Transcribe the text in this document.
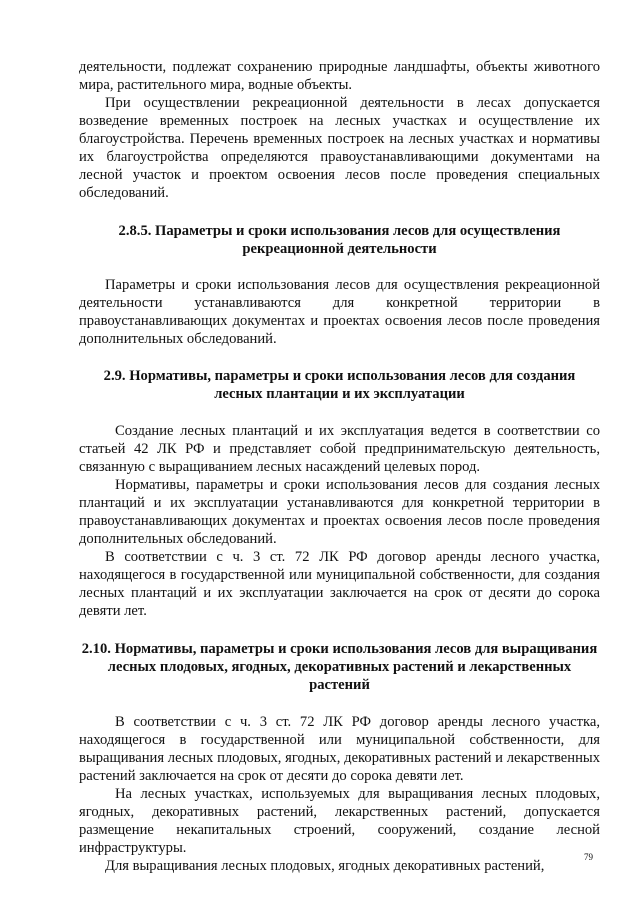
деятельности, подлежат сохранению природные ландшафты, объекты животного мира, растительного мира, водные объекты.

При осуществлении рекреационной деятельности в лесах допускается возведение временных построек на лесных участках и осуществление их благоустройства. Перечень временных построек на лесных участках и нормативы их благоустройства определяются правоустанавливающими документами на лесной участок и проектом освоения лесов после проведения специальных обследований.

2.8.5. Параметры и сроки использования лесов для осуществления рекреационной деятельности

Параметры и сроки использования лесов для осуществления рекреационной деятельности устанавливаются для конкретной территории в правоустанавливающих документах и проектах освоения лесов после проведения дополнительных обследований.

2.9. Нормативы, параметры и сроки использования лесов для создания лесных плантации и их эксплуатации

Создание лесных плантаций и их эксплуатация ведется в соответствии со статьей 42 ЛК РФ и представляет собой предпринимательскую деятельность, связанную с выращиванием лесных насаждений целевых пород.

Нормативы, параметры и сроки использования лесов для создания лесных плантаций и их эксплуатации устанавливаются для конкретной территории в правоустанавливающих документах и проектах освоения лесов после проведения дополнительных обследований.

В соответствии с ч. 3 ст. 72 ЛК РФ договор аренды лесного участка, находящегося в государственной или муниципальной собственности, для создания лесных плантаций и их эксплуатации заключается на срок от десяти до сорока девяти лет.

2.10. Нормативы, параметры и сроки использования лесов для выращивания лесных плодовых, ягодных, декоративных растений и лекарственных растений

В соответствии с ч. 3 ст. 72 ЛК РФ договор аренды лесного участка, находящегося в государственной или муниципальной собственности, для выращивания лесных плодовых, ягодных, декоративных растений и лекарственных растений заключается на срок от десяти до сорока девяти лет.

На лесных участках, используемых для выращивания лесных плодовых, ягодных, декоративных растений, лекарственных растений, допускается размещение некапитальных строений, сооружений, создание лесной инфраструктуры.

Для выращивания лесных плодовых, ягодных декоративных растений,

79
